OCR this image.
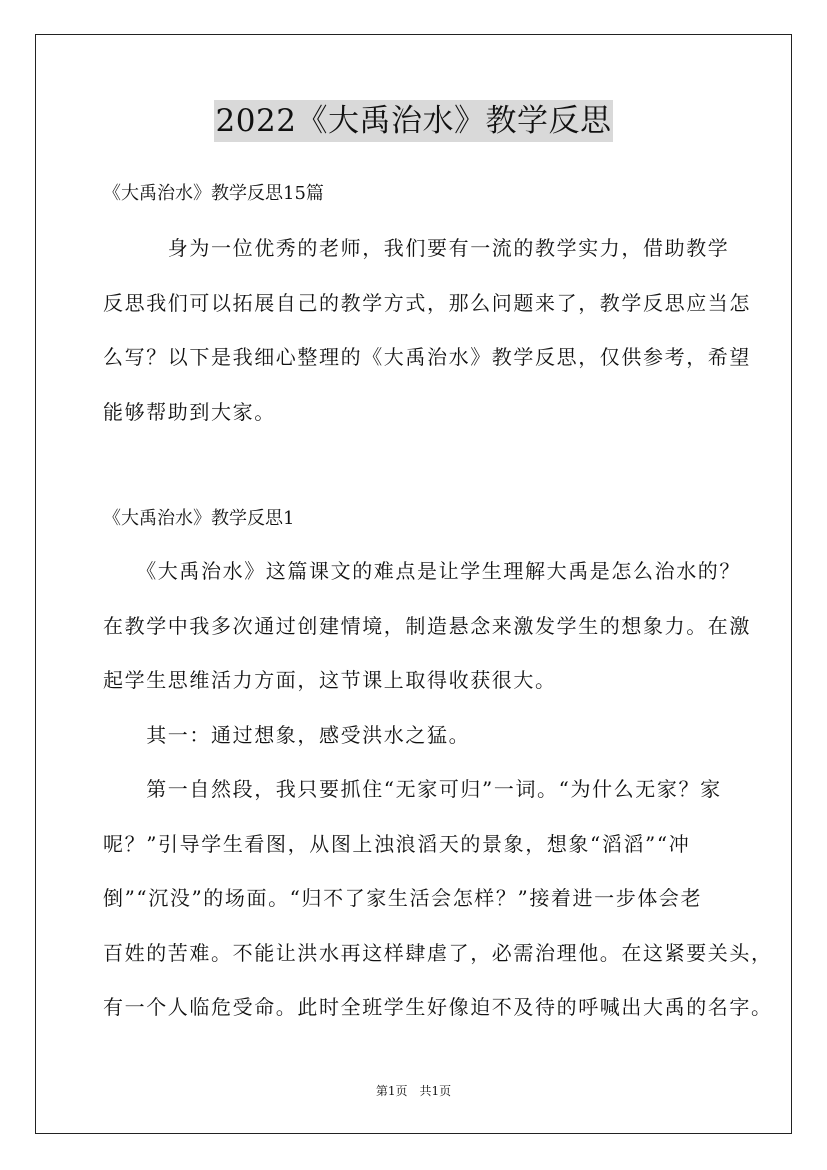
2022《大禹治水》教学反思
《大禹治水》教学反思15篇
　　　身为一位优秀的老师，我们要有一流的教学实力，借助教学
反思我们可以拓展自己的教学方式，那么问题来了，教学反思应当怎
么写？以下是我细心整理的《大禹治水》教学反思，仅供参考，希望
能够帮助到大家。
《大禹治水》教学反思1
　　《大禹治水》这篇课文的难点是让学生理解大禹是怎么治水的？
在教学中我多次通过创建情境，制造悬念来激发学生的想象力。在激
起学生思维活力方面，这节课上取得收获很大。
　　其一：通过想象，感受洪水之猛。
　　第一自然段，我只要抓住“无家可归”一词。“为什么无家？家
呢？”引导学生看图，从图上浊浪滔天的景象，想象“滔滔”“冲
倒”“沉没”的场面。“归不了家生活会怎样？”接着进一步体会老
百姓的苦难。不能让洪水再这样肆虐了，必需治理他。在这紧要关头，
有一个人临危受命。此时全班学生好像迫不及待的呼喊出大禹的名字。
第1页　共1页
